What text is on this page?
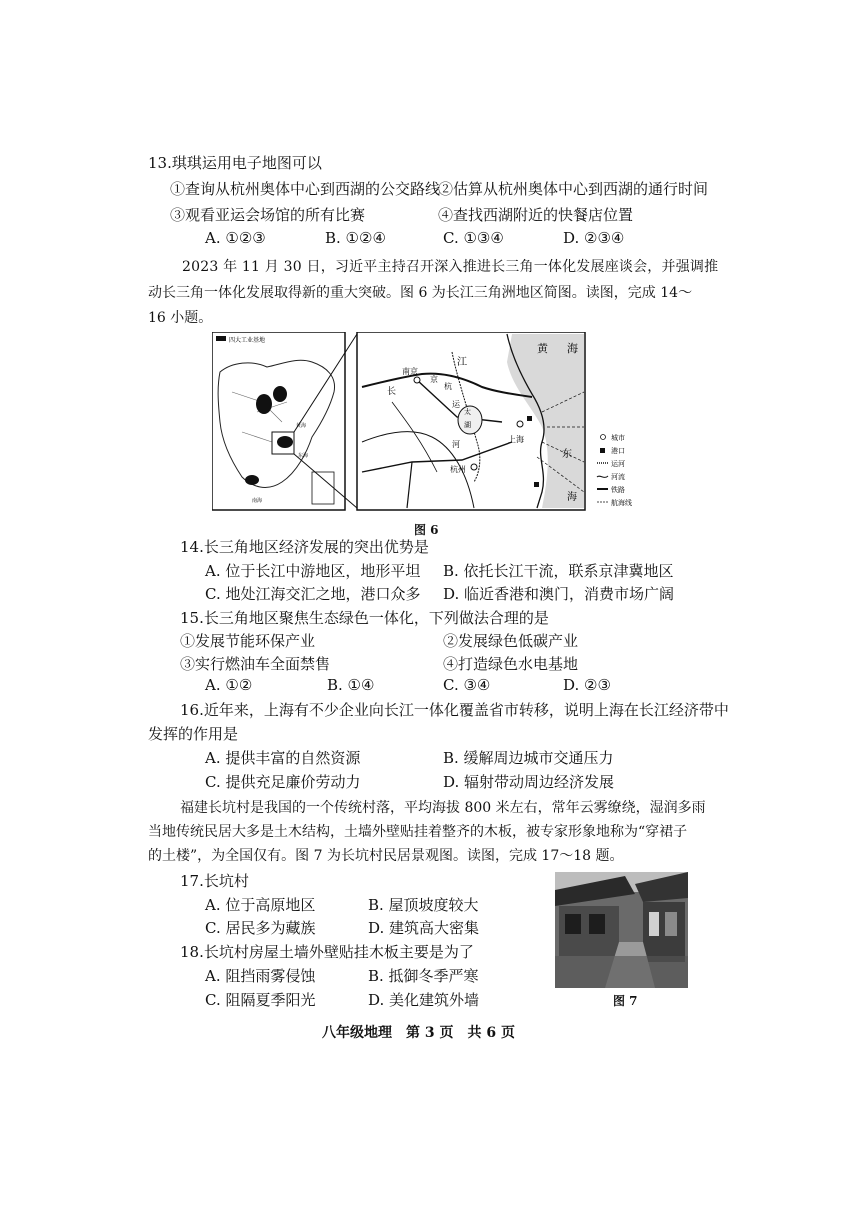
13.琪琪运用电子地图可以
①查询从杭州奥体中心到西湖的公交路线
②估算从杭州奥体中心到西湖的通行时间
③观看亚运会场馆的所有比赛	④查找西湖附近的快餐店位置
A. ①②③	B. ①②④	C. ①③④	D. ②③④
2023 年 11 月 30 日，习近平主持召开深入推进长三角一体化发展座谈会，并强调推
动长三角一体化发展取得新的重大突破。图 6 为长江三角洲地区简图。读图，完成 14～
16 小题。
四大工业基地
黄海
东海
南海
黄 海
江
南京
京
杭
长
太
湖
运
河
上海
杭州
东
海
城市
港口
运河
河流
铁路
航海线
图 6
14.长三角地区经济发展的突出优势是
A. 位于长江中游地区，地形平坦 B. 依托长江干流，联系京津冀地区
C. 地处江海交汇之地，港口众多 D. 临近香港和澳门，消费市场广阔
15.长三角地区聚焦生态绿色一体化，下列做法合理的是
①发展节能环保产业	②发展绿色低碳产业
③实行燃油车全面禁售	④打造绿色水电基地
A. ①②	B. ①④	C. ③④	D. ②③
16.近年来，上海有不少企业向长江一体化覆盖省市转移，说明上海在长江经济带中
发挥的作用是
A. 提供丰富的自然资源	B. 缓解周边城市交通压力
C. 提供充足廉价劳动力	D. 辐射带动周边经济发展
福建长坑村是我国的一个传统村落，平均海拔 800 米左右，常年云雾缭绕，湿润多雨
当地传统民居大多是土木结构，土墙外壁贴挂着整齐的木板，被专家形象地称为“穿裙子
的土楼”，为全国仅有。图 7 为长坑村民居景观图。读图，完成 17～18 题。
17.长坑村
A. 位于高原地区	B. 屋顶坡度较大
C. 居民多为藏族	D. 建筑高大密集
18.长坑村房屋土墙外壁贴挂木板主要是为了
A. 阻挡雨雾侵蚀	B. 抵御冬季严寒
C. 阻隔夏季阳光	D. 美化建筑外墙	图 7
八年级地理　第 3 页　共 6 页
